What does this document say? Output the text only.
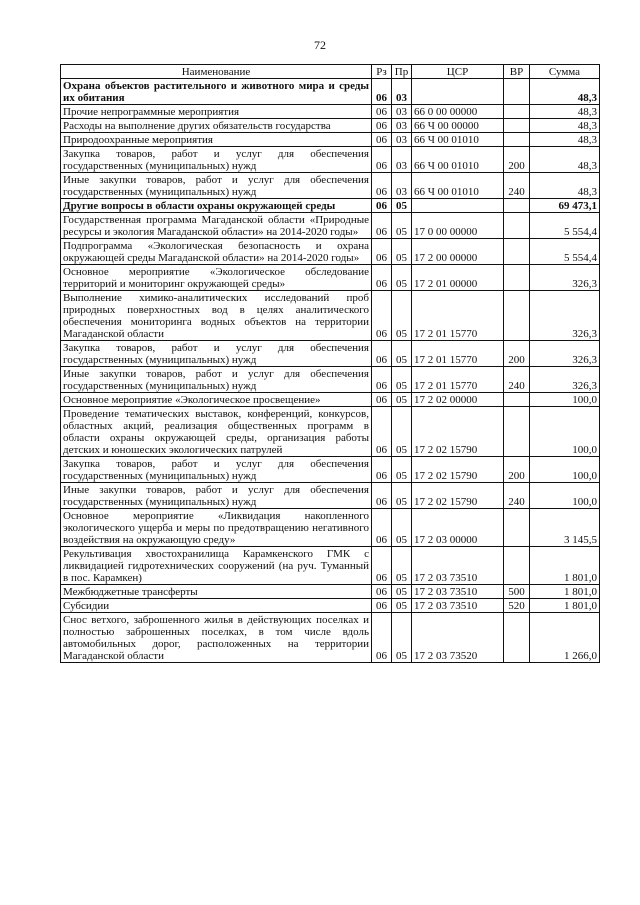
72
Наименование	Рз	Пр	ЦСР	ВР	Сумма
Охрана объектов растительного и животного мира и среды их обитания	06	03			48,3
Прочие непрограммные мероприятия	06	03	66 0 00 00000		48,3
Расходы на выполнение других обязательств государства	06	03	66 Ч 00 00000		48,3
Природоохранные мероприятия	06	03	66 Ч 00 01010		48,3
Закупка товаров, работ и услуг для обеспечения государственных (муниципальных) нужд	06	03	66 Ч 00 01010	200	48,3
Иные закупки товаров, работ и услуг для обеспечения государственных (муниципальных) нужд	06	03	66 Ч 00 01010	240	48,3
Другие вопросы в области охраны окружающей среды	06	05			69 473,1
Государственная программа Магаданской области «Природные ресурсы и экология Магаданской области» на 2014-2020 годы»	06	05	17 0 00 00000		5 554,4
Подпрограмма «Экологическая безопасность и охрана окружающей среды Магаданской области» на 2014-2020 годы»	06	05	17 2 00 00000		5 554,4
Основное мероприятие «Экологическое обследование территорий и мониторинг окружающей среды»	06	05	17 2 01 00000		326,3
Выполнение химико-аналитических исследований проб природных поверхностных вод в целях аналитического обеспечения мониторинга водных объектов на территории Магаданской области	06	05	17 2 01 15770		326,3
Закупка товаров, работ и услуг для обеспечения государственных (муниципальных) нужд	06	05	17 2 01 15770	200	326,3
Иные закупки товаров, работ и услуг для обеспечения государственных (муниципальных) нужд	06	05	17 2 01 15770	240	326,3
Основное мероприятие «Экологическое просвещение»	06	05	17 2 02 00000		100,0
Проведение тематических выставок, конференций, конкурсов, областных акций, реализация общественных программ в области охраны окружающей среды, организация работы детских и юношеских экологических патрулей	06	05	17 2 02 15790		100,0
Закупка товаров, работ и услуг для обеспечения государственных (муниципальных) нужд	06	05	17 2 02 15790	200	100,0
Иные закупки товаров, работ и услуг для обеспечения государственных (муниципальных) нужд	06	05	17 2 02 15790	240	100,0
Основное мероприятие «Ликвидация накопленного экологического ущерба и меры по предотвращению негативного воздействия на окружающую среду»	06	05	17 2 03 00000		3 145,5
Рекультивация хвостохранилища Карамкенского ГМК с ликвидацией гидротехнических сооружений (на руч. Туманный в пос. Карамкен)	06	05	17 2 03 73510		1 801,0
Межбюджетные трансферты	06	05	17 2 03 73510	500	1 801,0
Субсидии	06	05	17 2 03 73510	520	1 801,0
Снос ветхого, заброшенного жилья в действующих поселках и полностью заброшенных поселках, в том числе вдоль автомобильных дорог, расположенных на территории Магаданской области	06	05	17 2 03 73520		1 266,0
